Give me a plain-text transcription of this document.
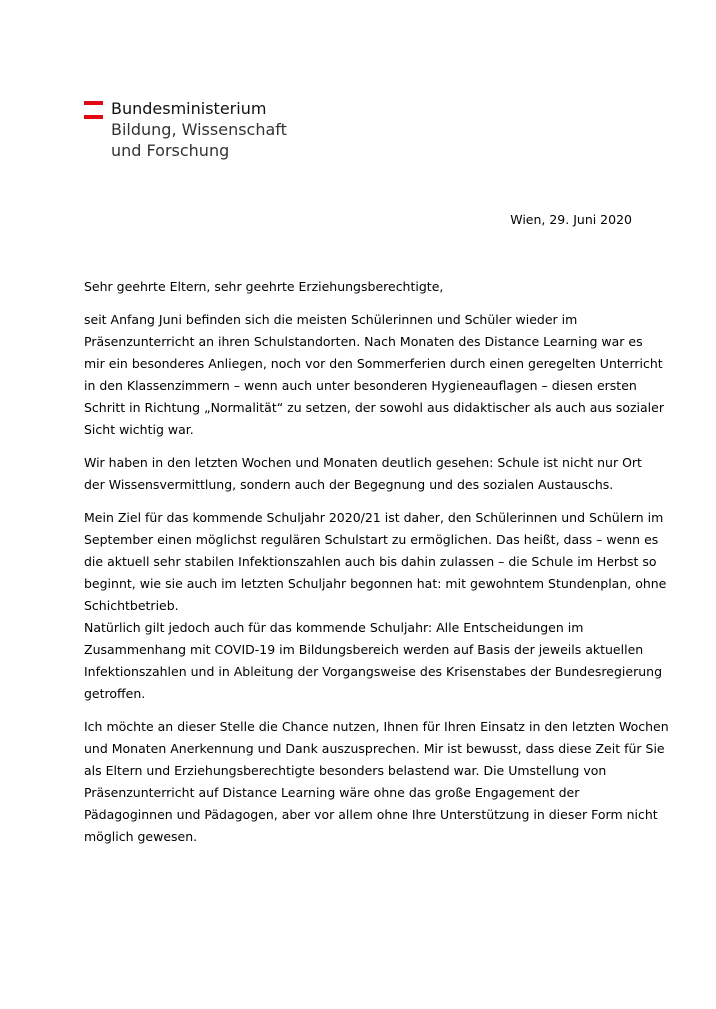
Bundesministerium
Bildung, Wissenschaft
und Forschung
Wien, 29. Juni 2020

Sehr geehrte Eltern, sehr geehrte Erziehungsberechtigte,

seit Anfang Juni befinden sich die meisten Schülerinnen und Schüler wieder im
Präsenzunterricht an ihren Schulstandorten. Nach Monaten des Distance Learning war es
mir ein besonderes Anliegen, noch vor den Sommerferien durch einen geregelten Unterricht
in den Klassenzimmern – wenn auch unter besonderen Hygieneauflagen – diesen ersten
Schritt in Richtung „Normalität“ zu setzen, der sowohl aus didaktischer als auch aus sozialer
Sicht wichtig war.

Wir haben in den letzten Wochen und Monaten deutlich gesehen: Schule ist nicht nur Ort
der Wissensvermittlung, sondern auch der Begegnung und des sozialen Austauschs.

Mein Ziel für das kommende Schuljahr 2020/21 ist daher, den Schülerinnen und Schülern im
September einen möglichst regulären Schulstart zu ermöglichen. Das heißt, dass – wenn es
die aktuell sehr stabilen Infektionszahlen auch bis dahin zulassen – die Schule im Herbst so
beginnt, wie sie auch im letzten Schuljahr begonnen hat: mit gewohntem Stundenplan, ohne
Schichtbetrieb.
Natürlich gilt jedoch auch für das kommende Schuljahr: Alle Entscheidungen im
Zusammenhang mit COVID-19 im Bildungsbereich werden auf Basis der jeweils aktuellen
Infektionszahlen und in Ableitung der Vorgangsweise des Krisenstabes der Bundesregierung
getroffen.

Ich möchte an dieser Stelle die Chance nutzen, Ihnen für Ihren Einsatz in den letzten Wochen
und Monaten Anerkennung und Dank auszusprechen. Mir ist bewusst, dass diese Zeit für Sie
als Eltern und Erziehungsberechtigte besonders belastend war. Die Umstellung von
Präsenzunterricht auf Distance Learning wäre ohne das große Engagement der
Pädagoginnen und Pädagogen, aber vor allem ohne Ihre Unterstützung in dieser Form nicht
möglich gewesen.
